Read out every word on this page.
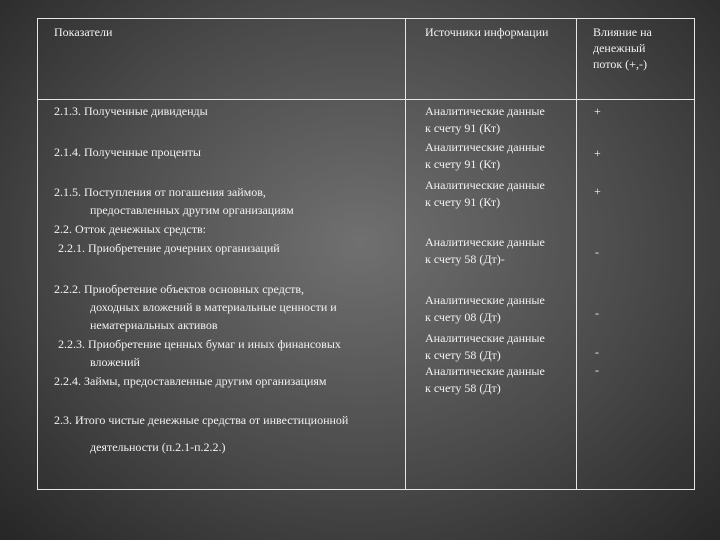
Показатели	Источники информации	Влияние на
денежный
поток (+,-)
2.1.3. Полученные дивиденды
2.1.4. Полученные проценты
2.1.5. Поступления от погашения займов,
предоставленных другим организациям
2.2. Отток денежных средств:
2.2.1. Приобретение дочерних организаций
2.2.2. Приобретение объектов основных средств,
доходных вложений в материальные ценности и
нематериальных активов
2.2.3. Приобретение ценных бумаг и иных финансовых
вложений
2.2.4. Займы, предоставленные другим организациям
2.3. Итого чистые денежные средства от инвестиционной
деятельности (п.2.1-п.2.2.)
Аналитические данные
к счету 91 (Кт)
Аналитические данные
к счету 91 (Кт)
Аналитические данные
к счету 91 (Кт)
Аналитические данные
к счету 58 (Дт)-
Аналитические данные
к счету 08 (Дт)
Аналитические данные
к счету 58 (Дт)
Аналитические данные
к счету 58 (Дт)
+
+
+
-
-
-
-
